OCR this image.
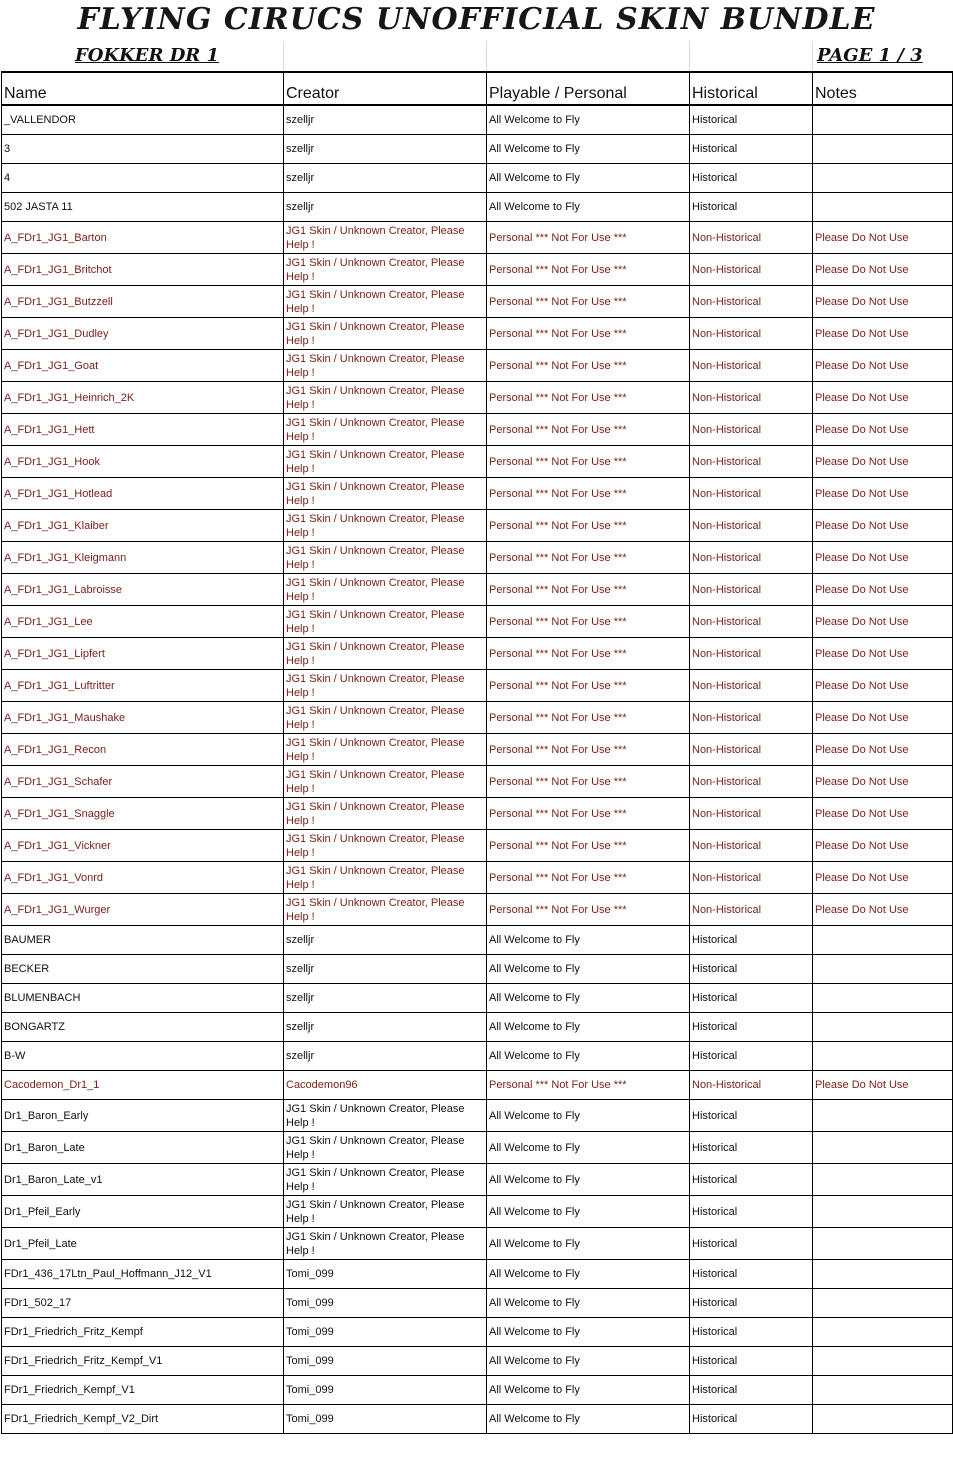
FLYING CIRUCS UNOFFICIAL SKIN BUNDLE
FOKKER DR 1	PAGE 1 / 3
Name	Creator	Playable / Personal	Historical	Notes
_VALLENDOR	szelljr	All Welcome to Fly	Historical	
3	szelljr	All Welcome to Fly	Historical	
4	szelljr	All Welcome to Fly	Historical	
502 JASTA 11	szelljr	All Welcome to Fly	Historical	
A_FDr1_JG1_Barton	JG1 Skin / Unknown Creator, Please Help !	Personal *** Not For Use ***	Non-Historical	Please Do Not Use
A_FDr1_JG1_Britchot	JG1 Skin / Unknown Creator, Please Help !	Personal *** Not For Use ***	Non-Historical	Please Do Not Use
A_FDr1_JG1_Butzzell	JG1 Skin / Unknown Creator, Please Help !	Personal *** Not For Use ***	Non-Historical	Please Do Not Use
A_FDr1_JG1_Dudley	JG1 Skin / Unknown Creator, Please Help !	Personal *** Not For Use ***	Non-Historical	Please Do Not Use
A_FDr1_JG1_Goat	JG1 Skin / Unknown Creator, Please Help !	Personal *** Not For Use ***	Non-Historical	Please Do Not Use
A_FDr1_JG1_Heinrich_2K	JG1 Skin / Unknown Creator, Please Help !	Personal *** Not For Use ***	Non-Historical	Please Do Not Use
A_FDr1_JG1_Hett	JG1 Skin / Unknown Creator, Please Help !	Personal *** Not For Use ***	Non-Historical	Please Do Not Use
A_FDr1_JG1_Hook	JG1 Skin / Unknown Creator, Please Help !	Personal *** Not For Use ***	Non-Historical	Please Do Not Use
A_FDr1_JG1_Hotlead	JG1 Skin / Unknown Creator, Please Help !	Personal *** Not For Use ***	Non-Historical	Please Do Not Use
A_FDr1_JG1_Klaiber	JG1 Skin / Unknown Creator, Please Help !	Personal *** Not For Use ***	Non-Historical	Please Do Not Use
A_FDr1_JG1_Kleigmann	JG1 Skin / Unknown Creator, Please Help !	Personal *** Not For Use ***	Non-Historical	Please Do Not Use
A_FDr1_JG1_Labroisse	JG1 Skin / Unknown Creator, Please Help !	Personal *** Not For Use ***	Non-Historical	Please Do Not Use
A_FDr1_JG1_Lee	JG1 Skin / Unknown Creator, Please Help !	Personal *** Not For Use ***	Non-Historical	Please Do Not Use
A_FDr1_JG1_Lipfert	JG1 Skin / Unknown Creator, Please Help !	Personal *** Not For Use ***	Non-Historical	Please Do Not Use
A_FDr1_JG1_Luftritter	JG1 Skin / Unknown Creator, Please Help !	Personal *** Not For Use ***	Non-Historical	Please Do Not Use
A_FDr1_JG1_Maushake	JG1 Skin / Unknown Creator, Please Help !	Personal *** Not For Use ***	Non-Historical	Please Do Not Use
A_FDr1_JG1_Recon	JG1 Skin / Unknown Creator, Please Help !	Personal *** Not For Use ***	Non-Historical	Please Do Not Use
A_FDr1_JG1_Schafer	JG1 Skin / Unknown Creator, Please Help !	Personal *** Not For Use ***	Non-Historical	Please Do Not Use
A_FDr1_JG1_Snaggle	JG1 Skin / Unknown Creator, Please Help !	Personal *** Not For Use ***	Non-Historical	Please Do Not Use
A_FDr1_JG1_Vickner	JG1 Skin / Unknown Creator, Please Help !	Personal *** Not For Use ***	Non-Historical	Please Do Not Use
A_FDr1_JG1_Vonrd	JG1 Skin / Unknown Creator, Please Help !	Personal *** Not For Use ***	Non-Historical	Please Do Not Use
A_FDr1_JG1_Wurger	JG1 Skin / Unknown Creator, Please Help !	Personal *** Not For Use ***	Non-Historical	Please Do Not Use
BAUMER	szelljr	All Welcome to Fly	Historical	
BECKER	szelljr	All Welcome to Fly	Historical	
BLUMENBACH	szelljr	All Welcome to Fly	Historical	
BONGARTZ	szelljr	All Welcome to Fly	Historical	
B-W	szelljr	All Welcome to Fly	Historical	
Cacodemon_Dr1_1	Cacodemon96	Personal *** Not For Use ***	Non-Historical	Please Do Not Use
Dr1_Baron_Early	JG1 Skin / Unknown Creator, Please Help !	All Welcome to Fly	Historical	
Dr1_Baron_Late	JG1 Skin / Unknown Creator, Please Help !	All Welcome to Fly	Historical	
Dr1_Baron_Late_v1	JG1 Skin / Unknown Creator, Please Help !	All Welcome to Fly	Historical	
Dr1_Pfeil_Early	JG1 Skin / Unknown Creator, Please Help !	All Welcome to Fly	Historical	
Dr1_Pfeil_Late	JG1 Skin / Unknown Creator, Please Help !	All Welcome to Fly	Historical	
FDr1_436_17Ltn_Paul_Hoffmann_J12_V1	Tomi_099	All Welcome to Fly	Historical	
FDr1_502_17	Tomi_099	All Welcome to Fly	Historical	
FDr1_Friedrich_Fritz_Kempf	Tomi_099	All Welcome to Fly	Historical	
FDr1_Friedrich_Fritz_Kempf_V1	Tomi_099	All Welcome to Fly	Historical	
FDr1_Friedrich_Kempf_V1	Tomi_099	All Welcome to Fly	Historical	
FDr1_Friedrich_Kempf_V2_Dirt	Tomi_099	All Welcome to Fly	Historical	
